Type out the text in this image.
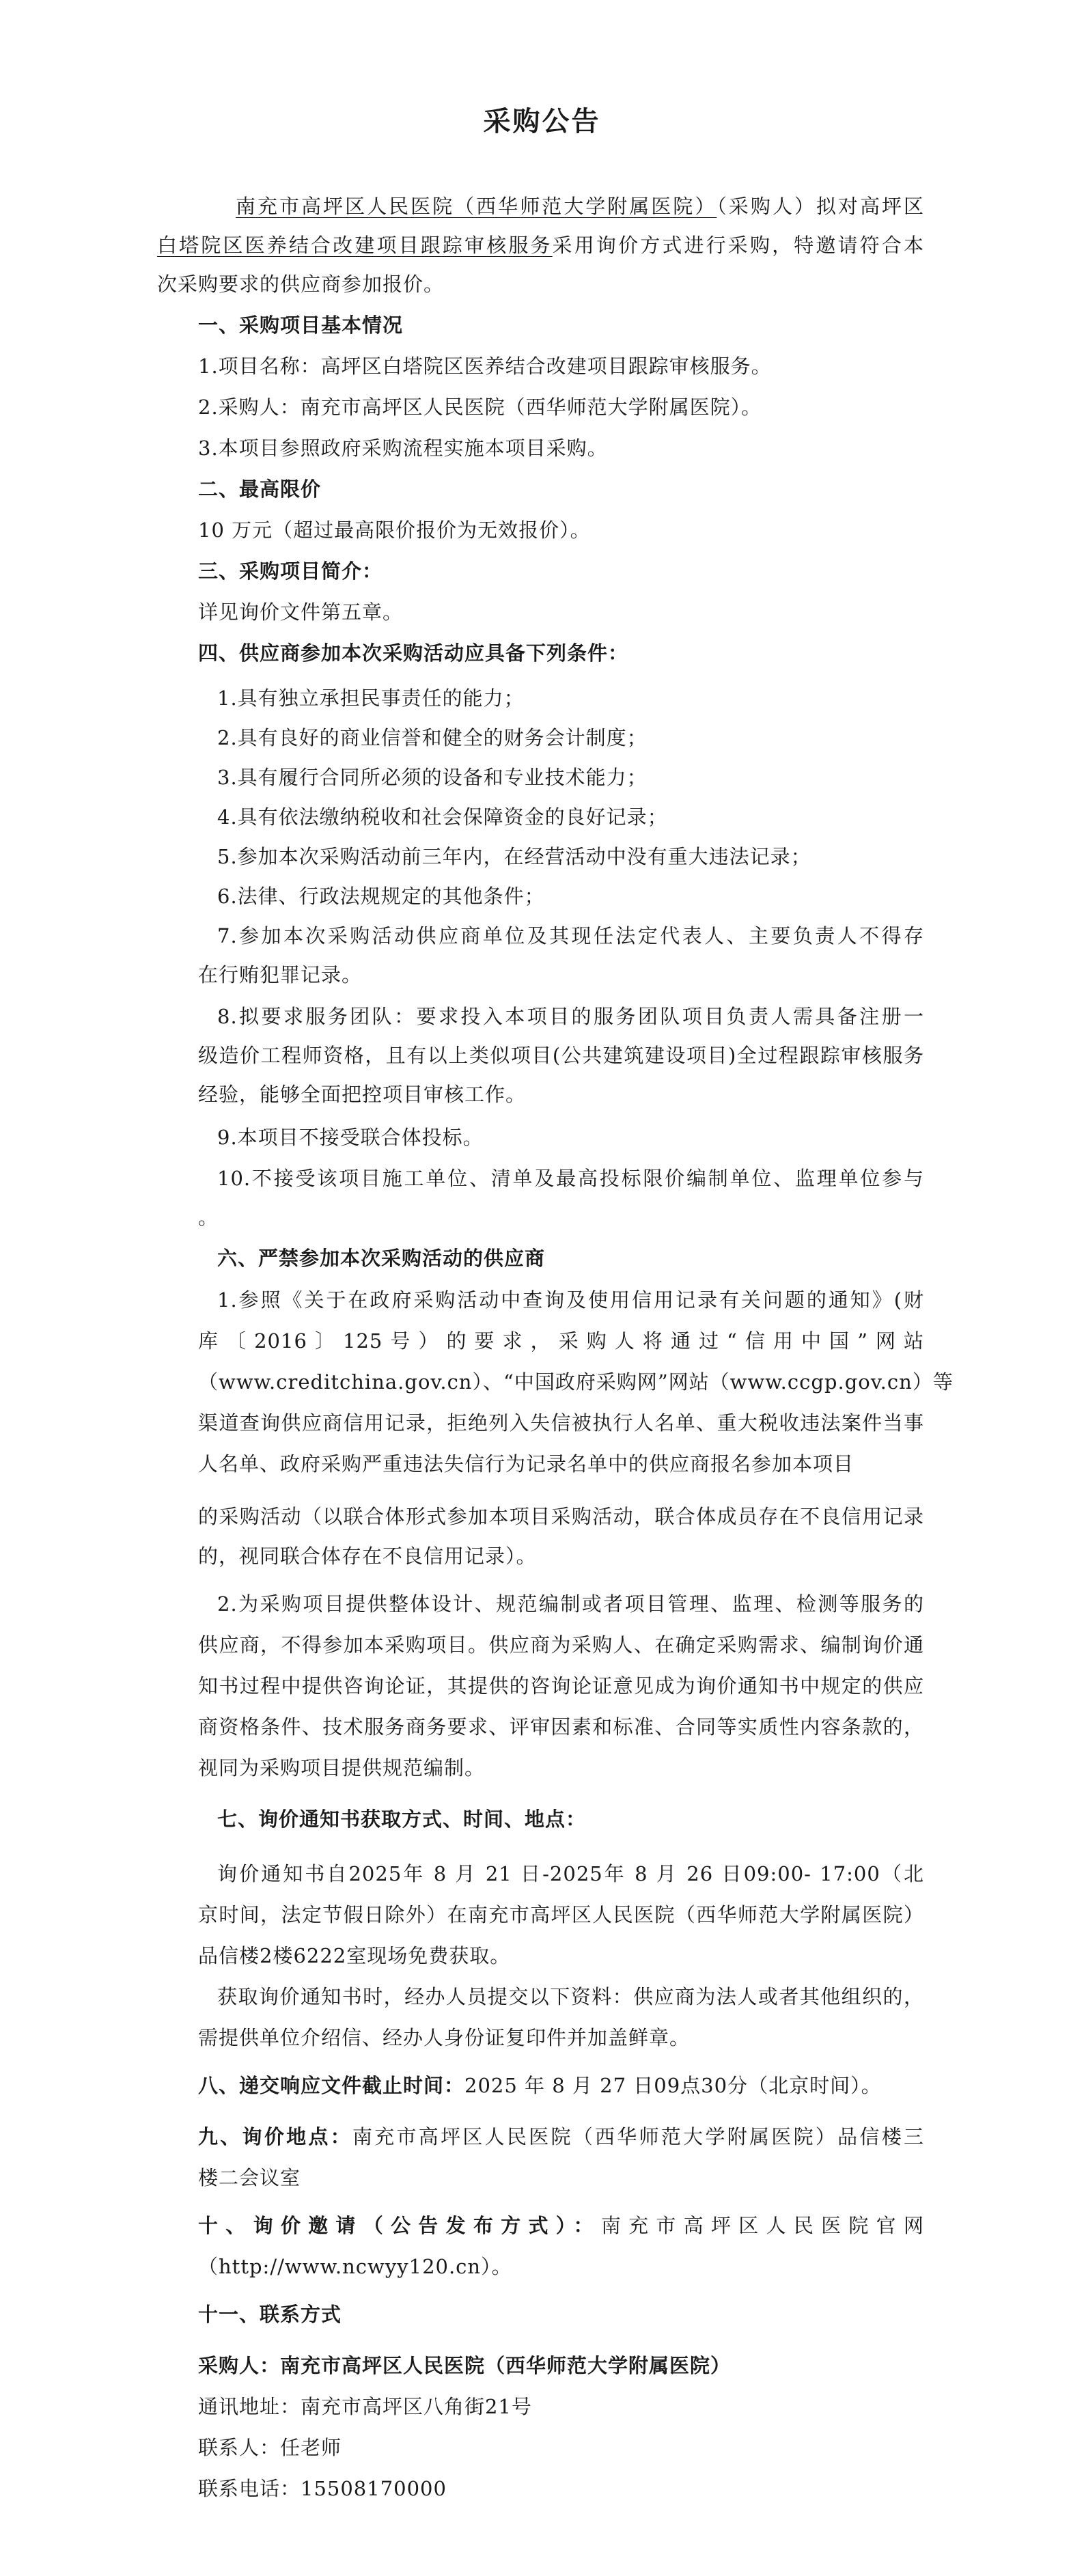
采购公告

南充市高坪区人民医院（西华师范大学附属医院）（采购人）拟对高坪区

白塔院区医养结合改建项目跟踪审核服务采用询价方式进行采购，特邀请符合本

次采购要求的供应商参加报价。

一、采购项目基本情况

1.项目名称：高坪区白塔院区医养结合改建项目跟踪审核服务。

2.采购人：南充市高坪区人民医院（西华师范大学附属医院）。

3.本项目参照政府采购流程实施本项目采购。

二、最高限价

10 万元（超过最高限价报价为无效报价）。

三、采购项目简介：

详见询价文件第五章。

四、供应商参加本次采购活动应具备下列条件：

1.具有独立承担民事责任的能力；

2.具有良好的商业信誉和健全的财务会计制度；

3.具有履行合同所必须的设备和专业技术能力；

4.具有依法缴纳税收和社会保障资金的良好记录；

5.参加本次采购活动前三年内，在经营活动中没有重大违法记录；

6.法律、行政法规规定的其他条件；

7.参加本次采购活动供应商单位及其现任法定代表人、主要负责人不得存

在行贿犯罪记录。

8.拟要求服务团队：要求投入本项目的服务团队项目负责人需具备注册一

级造价工程师资格，且有以上类似项目(公共建筑建设项目)全过程跟踪审核服务

经验，能够全面把控项目审核工作。

9.本项目不接受联合体投标。

10.不接受该项目施工单位、清单及最高投标限价编制单位、监理单位参与

。

六、严禁参加本次采购活动的供应商

1.参照《关于在政府采购活动中查询及使用信用记录有关问题的通知》(财

库〔2016〕125号）的要求，采购人将通过“信用中国”网站

（www.creditchina.gov.cn）、“中国政府采购网”网站（www.ccgp.gov.cn）等

渠道查询供应商信用记录，拒绝列入失信被执行人名单、重大税收违法案件当事

人名单、政府采购严重违法失信行为记录名单中的供应商报名参加本项目

的采购活动（以联合体形式参加本项目采购活动，联合体成员存在不良信用记录

的，视同联合体存在不良信用记录）。

2.为采购项目提供整体设计、规范编制或者项目管理、监理、检测等服务的

供应商，不得参加本采购项目。供应商为采购人、在确定采购需求、编制询价通

知书过程中提供咨询论证，其提供的咨询论证意见成为询价通知书中规定的供应

商资格条件、技术服务商务要求、评审因素和标准、合同等实质性内容条款的，

视同为采购项目提供规范编制。

七、询价通知书获取方式、时间、地点：

询价通知书自2025年 8 月 21 日-2025年 8 月 26 日09:00- 17:00（北

京时间，法定节假日除外）在南充市高坪区人民医院（西华师范大学附属医院）

品信楼2楼6222室现场免费获取。

获取询价通知书时，经办人员提交以下资料：供应商为法人或者其他组织的，

需提供单位介绍信、经办人身份证复印件并加盖鲜章。

八、递交响应文件截止时间：2025 年 8 月 27 日09点30分（北京时间）。

九、询价地点：南充市高坪区人民医院（西华师范大学附属医院）品信楼三

楼二会议室

十、询价邀请（公告发布方式）：南充市高坪区人民医院官网

（http://www.ncwyy120.cn）。

十一、联系方式

采购人：南充市高坪区人民医院（西华师范大学附属医院）

通讯地址：南充市高坪区八角街21号

联系人：任老师

联系电话：15508170000
